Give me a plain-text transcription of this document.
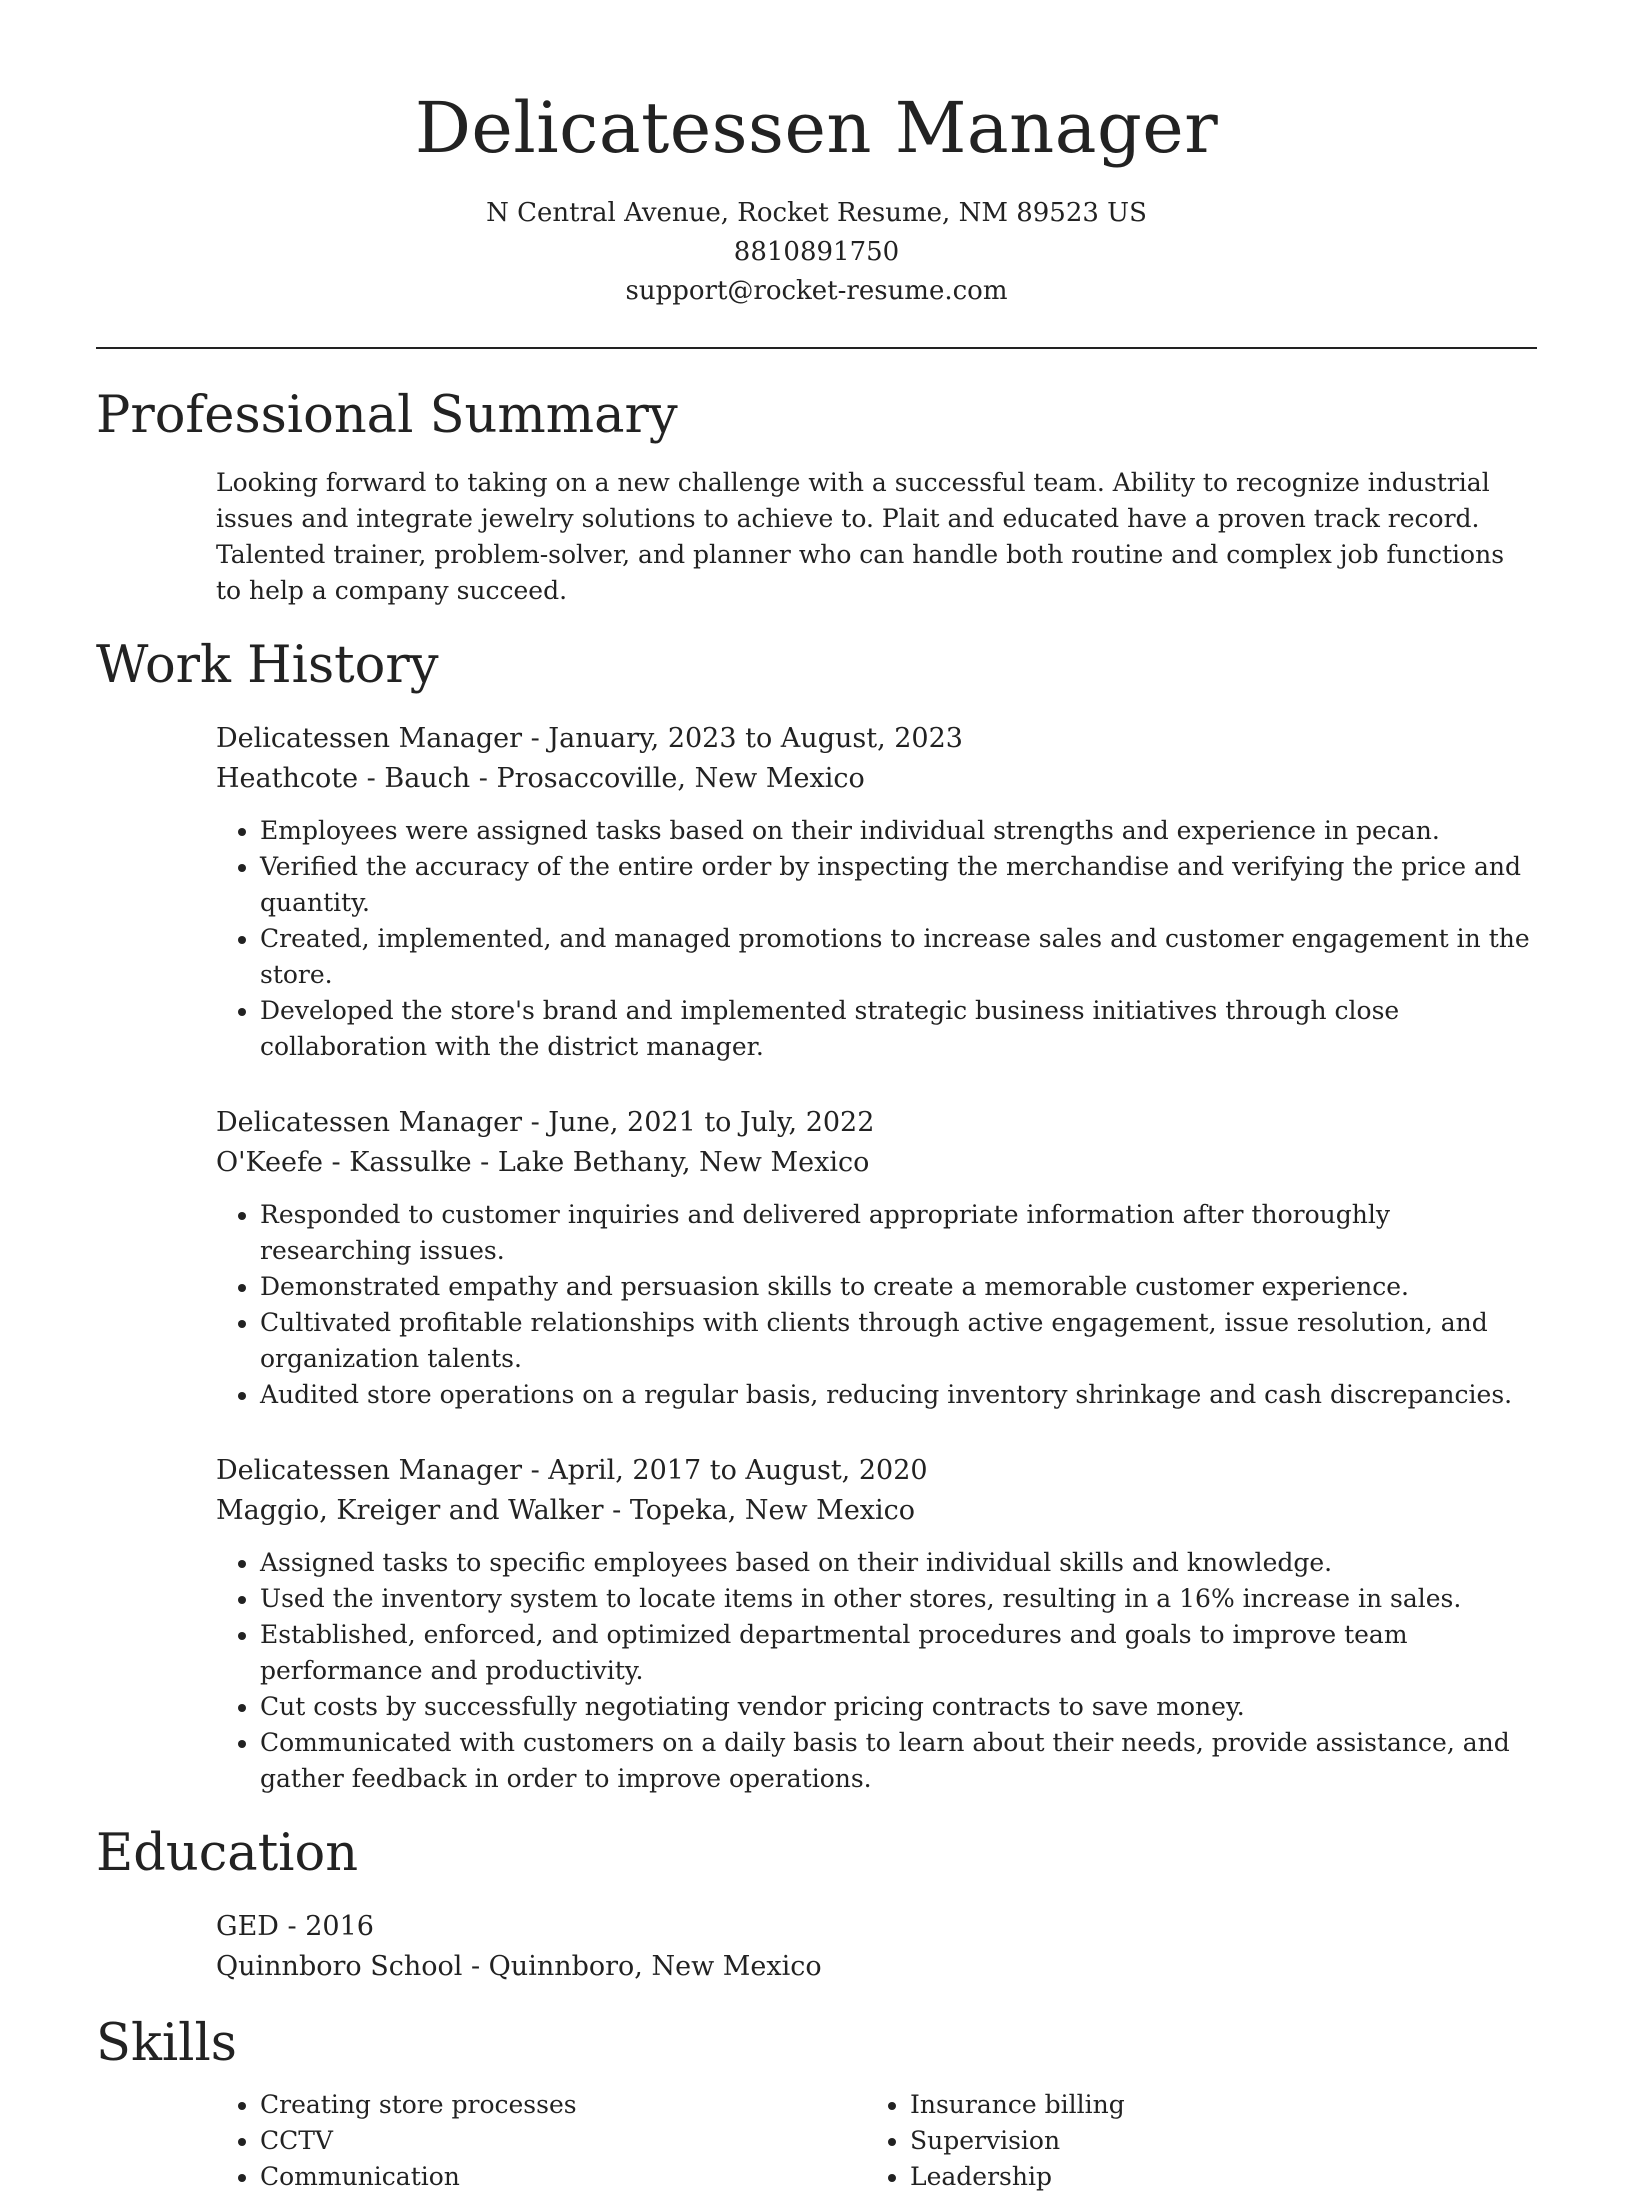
Delicatessen Manager
N Central Avenue, Rocket Resume, NM 89523 US
8810891750
support@rocket-resume.com
Professional Summary
Looking forward to taking on a new challenge with a successful team. Ability to recognize industrial issues and integrate jewelry solutions to achieve to. Plait and educated have a proven track record. Talented trainer, problem-solver, and planner who can handle both routine and complex job functions to help a company succeed.
Work History
Delicatessen Manager - January, 2023 to August, 2023
Heathcote - Bauch - Prosaccoville, New Mexico
• Employees were assigned tasks based on their individual strengths and experience in pecan.
• Verified the accuracy of the entire order by inspecting the merchandise and verifying the price and quantity.
• Created, implemented, and managed promotions to increase sales and customer engagement in the store.
• Developed the store's brand and implemented strategic business initiatives through close collaboration with the district manager.
Delicatessen Manager - June, 2021 to July, 2022
O'Keefe - Kassulke - Lake Bethany, New Mexico
• Responded to customer inquiries and delivered appropriate information after thoroughly researching issues.
• Demonstrated empathy and persuasion skills to create a memorable customer experience.
• Cultivated profitable relationships with clients through active engagement, issue resolution, and organization talents.
• Audited store operations on a regular basis, reducing inventory shrinkage and cash discrepancies.
Delicatessen Manager - April, 2017 to August, 2020
Maggio, Kreiger and Walker - Topeka, New Mexico
• Assigned tasks to specific employees based on their individual skills and knowledge.
• Used the inventory system to locate items in other stores, resulting in a 16% increase in sales.
• Established, enforced, and optimized departmental procedures and goals to improve team performance and productivity.
• Cut costs by successfully negotiating vendor pricing contracts to save money.
• Communicated with customers on a daily basis to learn about their needs, provide assistance, and gather feedback in order to improve operations.
Education
GED - 2016
Quinnboro School - Quinnboro, New Mexico
Skills
• Creating store processes
• CCTV
• Communication
• Insurance billing
• Supervision
• Leadership
